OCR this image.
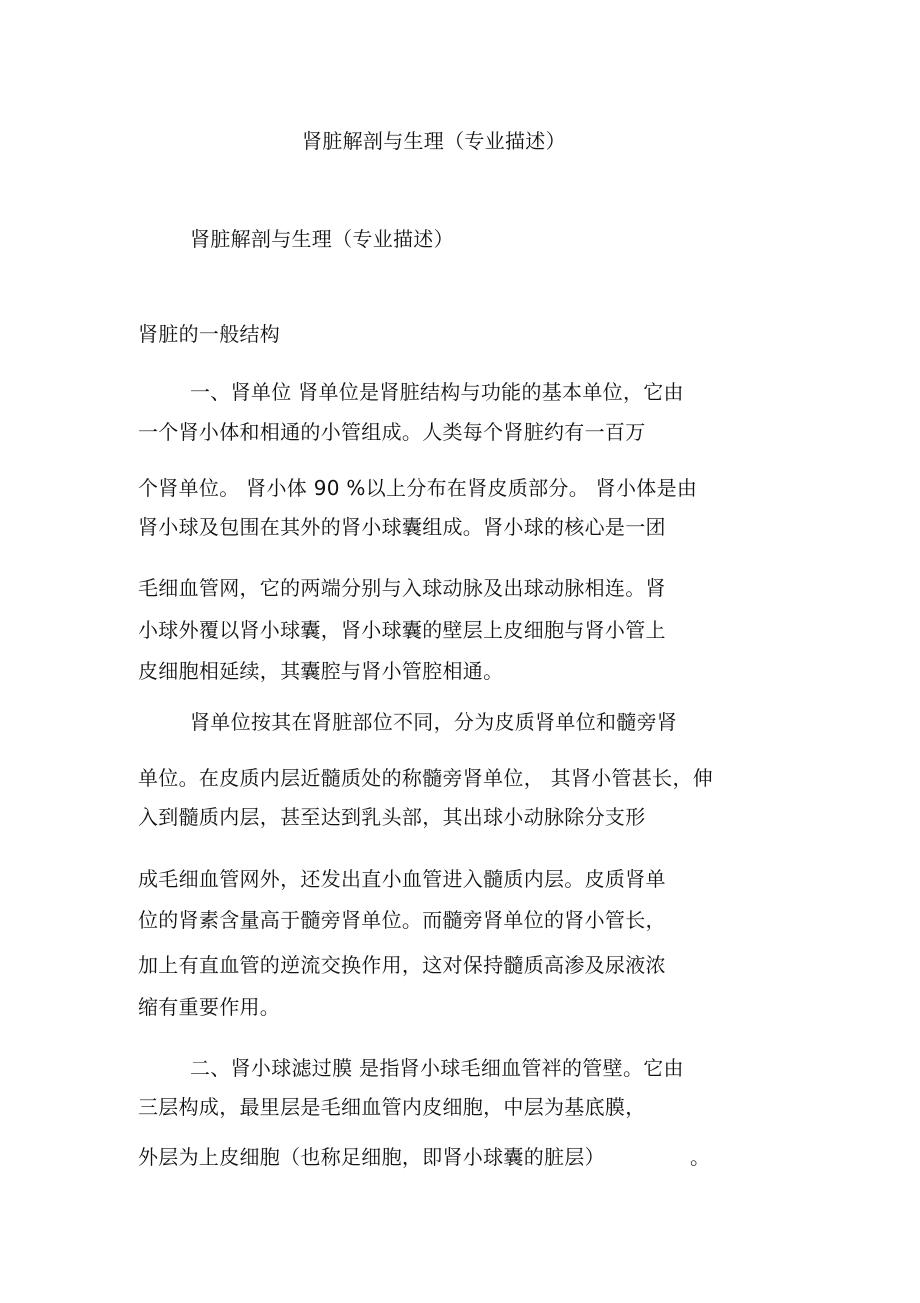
肾脏解剖与生理（专业描述）
肾脏解剖与生理（专业描述）
肾脏的一般结构
一、肾单位 肾单位是肾脏结构与功能的基本单位，它由
一个肾小体和相通的小管组成。人类每个肾脏约有一百万
个肾单位。 肾小体 90 %以上分布在肾皮质部分。 肾小体是由
肾小球及包围在其外的肾小球囊组成。肾小球的核心是一团
毛细血管网，它的两端分别与入球动脉及出球动脉相连。肾
小球外覆以肾小球囊，肾小球囊的壁层上皮细胞与肾小管上
皮细胞相延续，其囊腔与肾小管腔相通。
肾单位按其在肾脏部位不同，分为皮质肾单位和髓旁肾
单位。在皮质内层近髓质处的称髓旁肾单位， 其肾小管甚长，伸
入到髓质内层，甚至达到乳头部，其出球小动脉除分支形
成毛细血管网外，还发出直小血管进入髓质内层。皮质肾单
位的肾素含量高于髓旁肾单位。而髓旁肾单位的肾小管长，
加上有直血管的逆流交换作用，这对保持髓质高渗及尿液浓
缩有重要作用。
二、肾小球滤过膜 是指肾小球毛细血管袢的管壁。它由
三层构成，最里层是毛细血管内皮细胞，中层为基底膜，
外层为上皮细胞（也称足细胞，即肾小球囊的脏层）	。
